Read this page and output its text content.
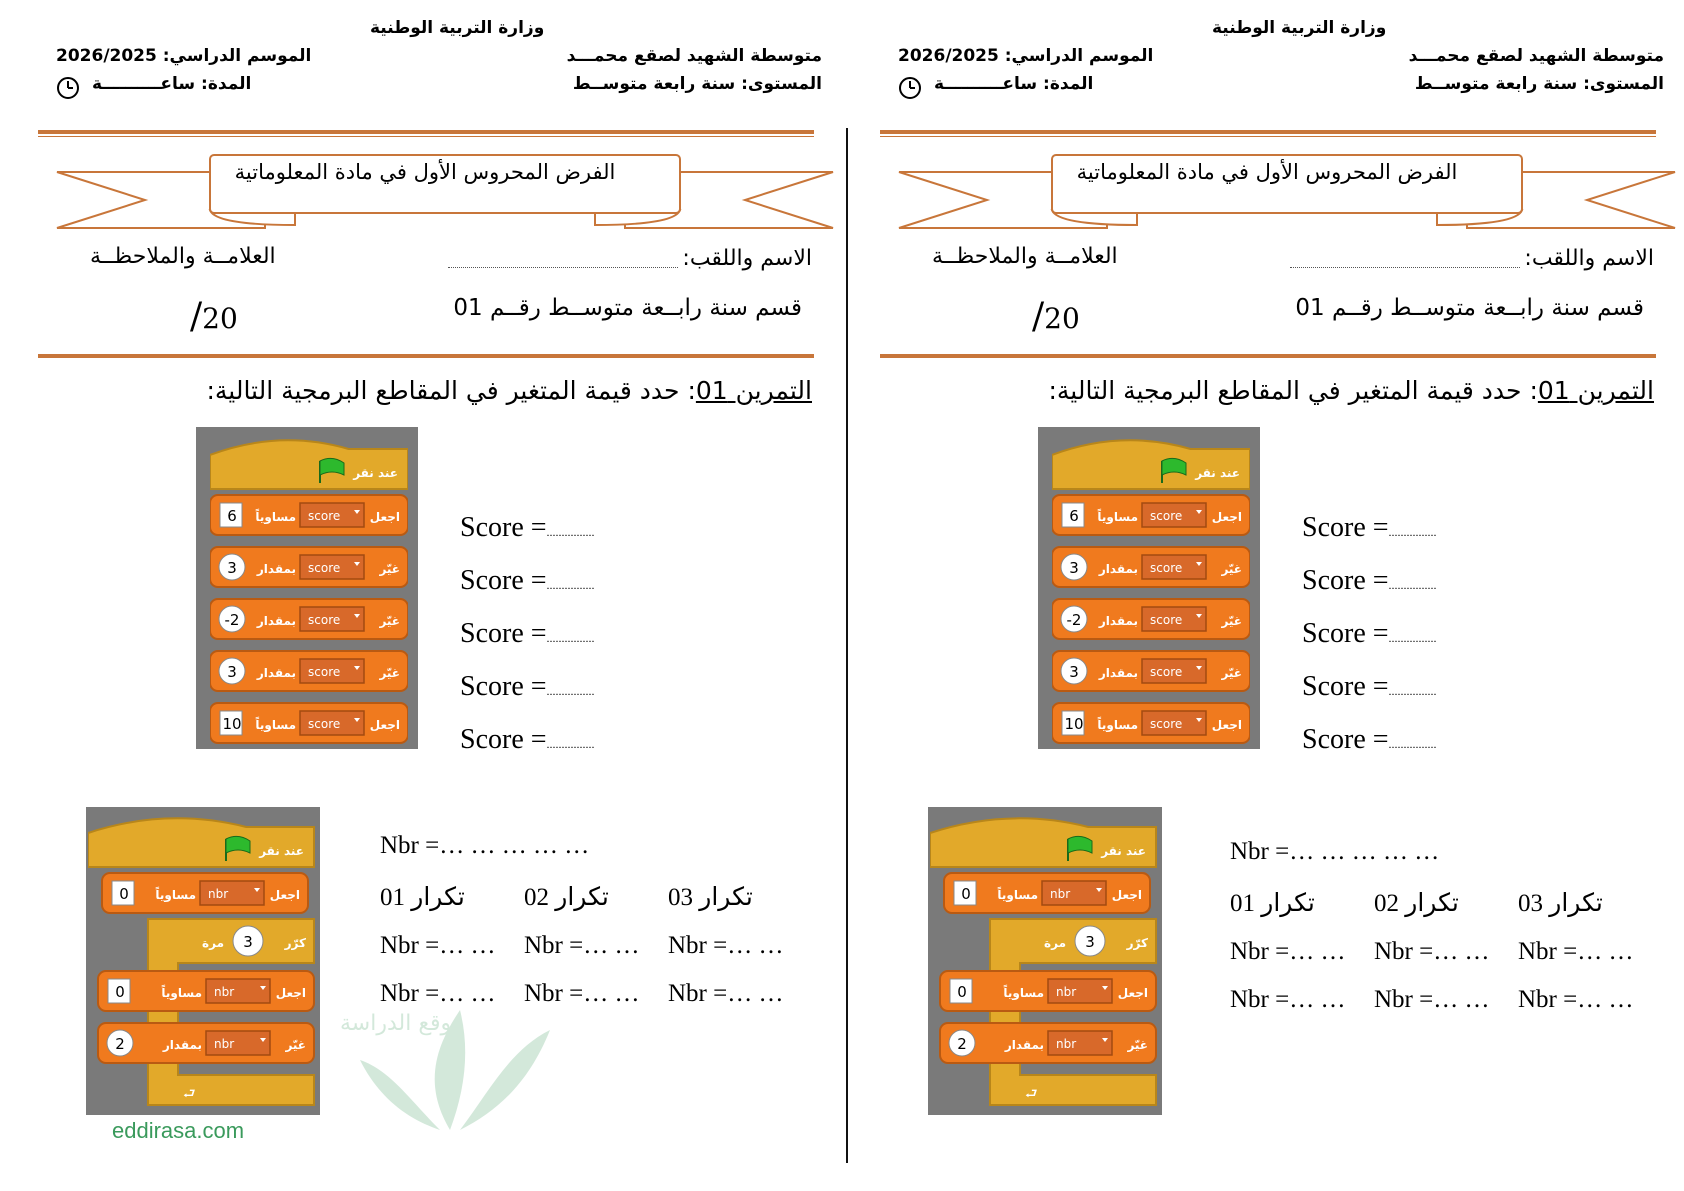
وزارة التربية الوطنية
متوسطة الشهيد لصقع محمـــد
المستوى: سنة رابعة متوســط
الموسم الدراسي: 2026/2025
المدة: ساعــــــــــة
الفرض المحروس الأول في مادة المعلوماتية
الاسم واللقب:
العلامــة والملاحظــة
قسم سنة رابــعة متوســط رقــم 01
/20
التمرين 01: حدد قيمة المتغير في المقاطع البرمجية التالية:
عند نقر
اجعل
score
مساوياً
6
غيّر
score
بمقدار
3
غيّر
score
بمقدار
-2
غيّر
score
بمقدار
3
اجعل
score
مساوياً
10
Score =................
Score =................
Score =................
Score =................
Score =................
عند نقر
اجعل
nbr
مساوياً
0
كرّر
3
مرة
⮐
اجعل
nbr
مساوياً
0
غيّر
nbr
بمقدار
2
Nbr =… … … … …
تكرار 01
Nbr =… …
Nbr =… …
تكرار 02
Nbr =… …
Nbr =… …
تكرار 03
Nbr =… …
Nbr =… …
وزارة التربية الوطنية
متوسطة الشهيد لصقع محمـــد
المستوى: سنة رابعة متوســط
الموسم الدراسي: 2026/2025
المدة: ساعــــــــــة
الفرض المحروس الأول في مادة المعلوماتية
الاسم واللقب:
العلامــة والملاحظــة
قسم سنة رابــعة متوســط رقــم 01
/20
التمرين 01: حدد قيمة المتغير في المقاطع البرمجية التالية:
عند نقر
اجعل
score
مساوياً
6
غيّر
score
بمقدار
3
غيّر
score
بمقدار
-2
غيّر
score
بمقدار
3
اجعل
score
مساوياً
10
Score =................
Score =................
Score =................
Score =................
Score =................
عند نقر
اجعل
nbr
مساوياً
0
كرّر
3
مرة
⮐
اجعل
nbr
مساوياً
0
غيّر
nbr
بمقدار
2
Nbr =… … … … …
تكرار 01
Nbr =… …
Nbr =… …
تكرار 02
Nbr =… …
Nbr =… …
تكرار 03
Nbr =… …
Nbr =… …
eddirasa.com
موقع الدراسة
